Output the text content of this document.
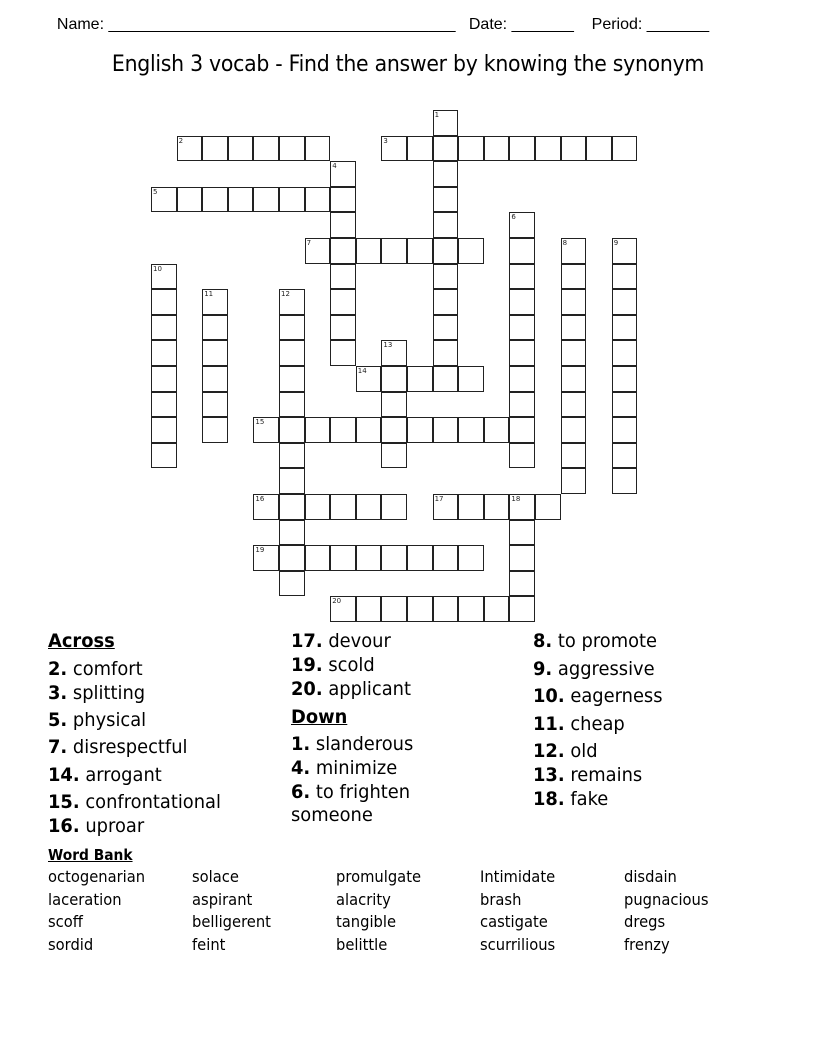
Name: _______________________________________ Date: _______ Period: _______

English 3 vocab - Find the answer by knowing the synonym
1
2	3
4
5
6
7	8	9
10
11	12
13
14
15
16	17	18
19
20
Across
2. comfort
3. splitting
5. physical
7. disrespectful
14. arrogant
15. confrontational
16. uproar
17. devour
19. scold
20. applicant
Down
1. slanderous
4. minimize
6. to frighten
someone
8. to promote
9. aggressive
10. eagerness
11. cheap
12. old
13. remains
18. fake
Word Bank
octogenarian	solace	promulgate	Intimidate	disdain
laceration	aspirant	alacrity	brash	pugnacious
scoff	belligerent	tangible	castigate	dregs
sordid	feint	belittle	scurrilious	frenzy
